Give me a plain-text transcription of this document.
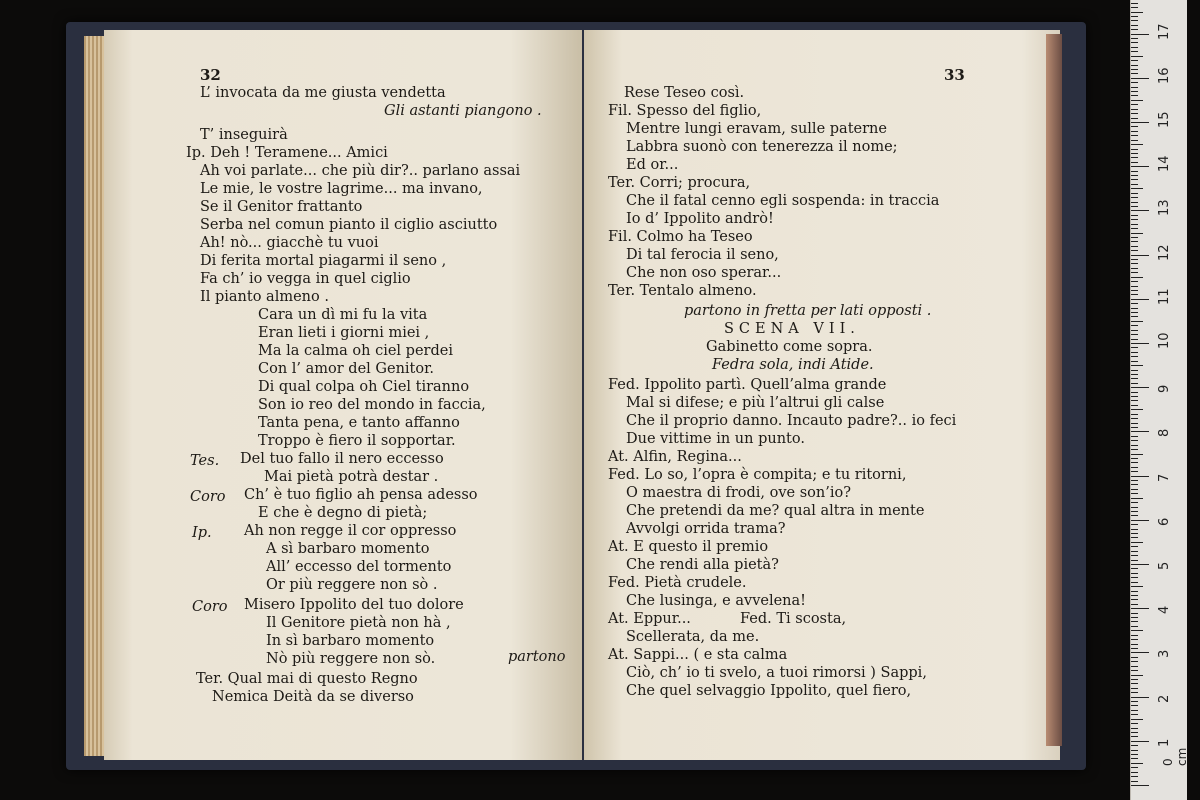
32
L’ invocata da me giusta vendetta
Gli astanti piangono .
T’ inseguirà
Ip. Deh ! Teramene... Amici
Ah voi parlate... che più dir?.. parlano assai
Le mie, le vostre lagrime... ma invano,
Se il Genitor frattanto
Serba nel comun pianto il ciglio asciutto
Ah! nò... giacchè tu vuoi
Di ferita mortal piagarmi il seno ,
Fa ch’ io vegga in quel ciglio
Il pianto almeno .
Cara un dì mi fu la vita
Eran lieti i giorni miei ,
Ma la calma oh ciel perdei
Con l’ amor del Genitor.
Di qual colpa oh Ciel tiranno
Son io reo del mondo in faccia,
Tanta pena, e tanto affanno
Troppo è fiero il sopportar.
Tes. Del tuo fallo il nero eccesso
Mai pietà potrà destar .
Coro Ch’ è tuo figlio ah pensa adesso
E che è degno di pietà;
Ip. Ah non regge il cor oppresso
A sì barbaro momento
All’ eccesso del tormento
Or più reggere non sò .
Coro Misero Ippolito del tuo dolore
Il Genitore pietà non hà ,
In sì barbaro momento
Nò più reggere non sò.	partono
Ter. Qual mai di questo Regno
Nemica Deità da se diverso
33
Rese Teseo così.
Fil. Spesso del figlio,
Mentre lungi eravam, sulle paterne
Labbra suonò con tenerezza il nome;
Ed or...
Ter. Corri; procura,
Che il fatal cenno egli sospenda: in traccia
Io d’ Ippolito andrò!
Fil. Colmo ha Teseo
Di tal ferocia il seno,
Che non oso sperar...
Ter. Tentalo almeno.
partono in fretta per lati opposti .
SCENA VII.
Gabinetto come sopra.
Fedra sola, indi Atide.
Fed. Ippolito partì. Quell’alma grande
Mal si difese; e più l’altrui gli calse
Che il proprio danno. Incauto padre?.. io feci
Due vittime in un punto.
At. Alfin, Regina...
Fed. Lo so, l’opra è compita; e tu ritorni,
O maestra di frodi, ove son’io?
Che pretendi da me? qual altra in mente
Avvolgi orrida trama?
At. E questo il premio
Che rendi alla pietà?
Fed. Pietà crudele.
Che lusinga, e avvelena!
At. Eppur...	Fed. Ti scosta,
Scellerata, da me.
At. Sappi... ( e sta calma
Ciò, ch’ io ti svelo, a tuoi rimorsi ) Sappi,
Che quel selvaggio Ippolito, quel fiero,
0 cm
1
2
3
4
5
6
7
8
9
10
11
12
13
14
15
16
17
